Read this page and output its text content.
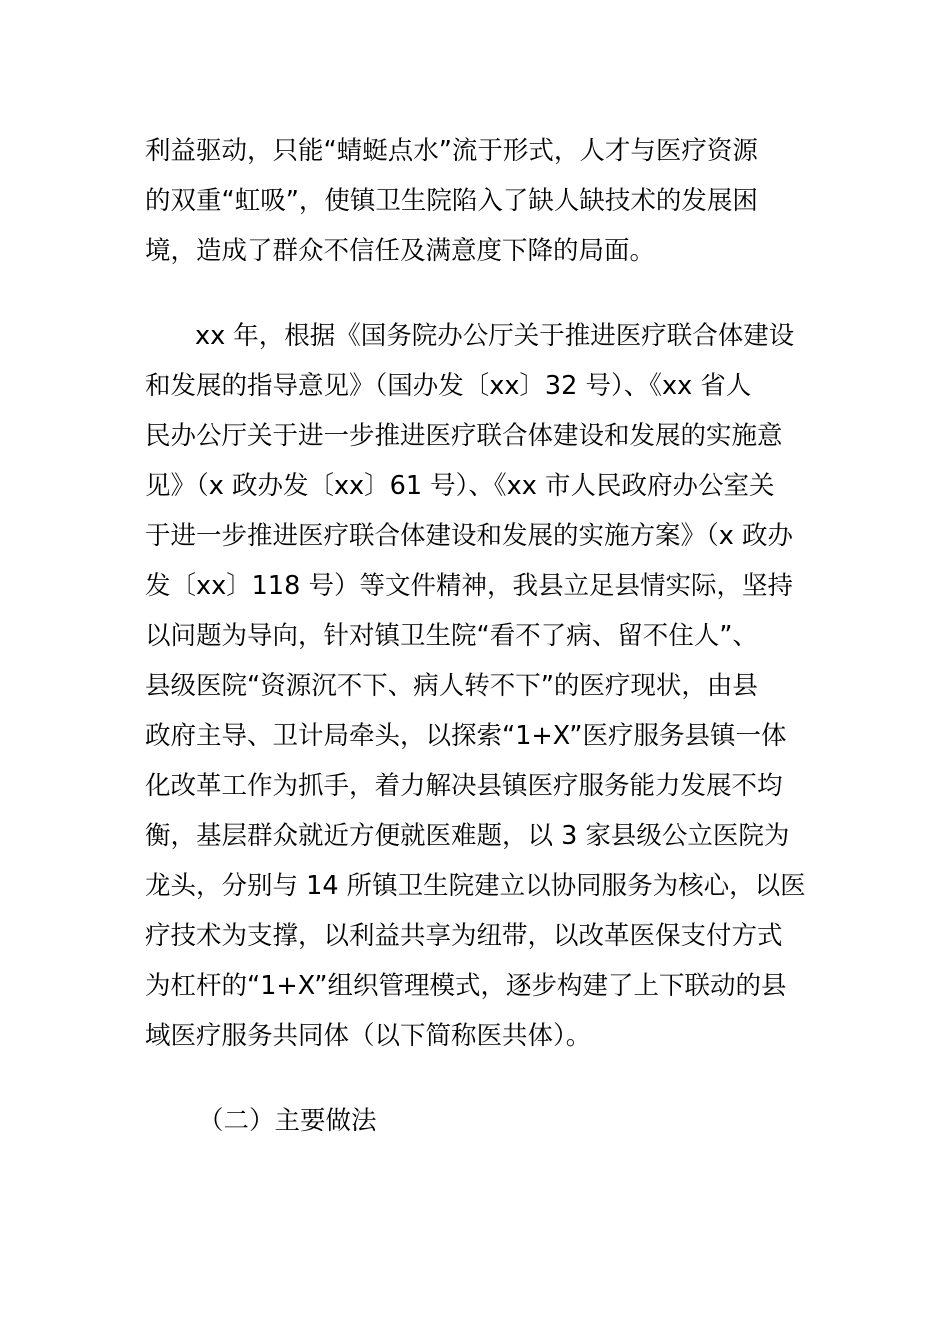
利益驱动，只能“蜻蜓点水”流于形式，人才与医疗资源
的双重“虹吸”，使镇卫生院陷入了缺人缺技术的发展困
境，造成了群众不信任及满意度下降的局面。
xx 年，根据《国务院办公厅关于推进医疗联合体建设
和发展的指导意见》（国办发〔xx〕32 号）、《xx 省人
民办公厅关于进一步推进医疗联合体建设和发展的实施意
见》（x 政办发〔xx〕61 号）、《xx 市人民政府办公室关
于进一步推进医疗联合体建设和发展的实施方案》（x 政办
发〔xx〕118 号）等文件精神，我县立足县情实际，坚持
以问题为导向，针对镇卫生院“看不了病、留不住人”、
县级医院“资源沉不下、病人转不下”的医疗现状，由县
政府主导、卫计局牵头，以探索“1+X”医疗服务县镇一体
化改革工作为抓手，着力解决县镇医疗服务能力发展不均
衡，基层群众就近方便就医难题，以 3 家县级公立医院为
龙头，分别与 14 所镇卫生院建立以协同服务为核心，以医
疗技术为支撑，以利益共享为纽带，以改革医保支付方式
为杠杆的“1+X”组织管理模式，逐步构建了上下联动的县
域医疗服务共同体（以下简称医共体）。
（二）主要做法
